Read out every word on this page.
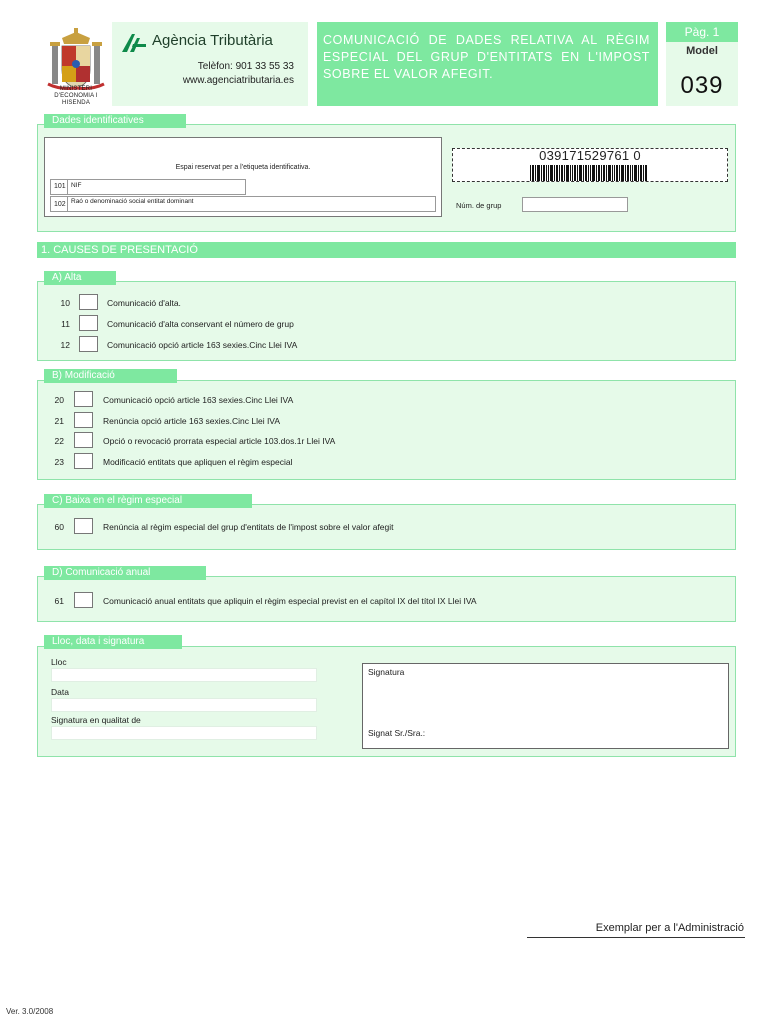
MINISTERI D'ECONOMIA I HISENDA
Agència Tributària
Telèfon: 901 33 55 33
www.agenciatributaria.es
COMUNICACIÓ DE DADES RELATIVA AL RÈGIM ESPECIAL DEL GRUP D'ENTITATS EN L'IMPOST SOBRE EL VALOR AFEGIT.
Pàg. 1
Model
039
Dades identificatives
Espai reservat per a l'etiqueta identificativa.
101 NIF
102 Raó o denominació social entitat dominant
039171529761 0
Núm. de grup
1. CAUSES DE PRESENTACIÓ
A) Alta
10	Comunicació d'alta.
11	Comunicació d'alta conservant el número de grup
12	Comunicació opció article 163 sexies.Cinc Llei IVA
B) Modificació
20	Comunicació opció article 163 sexies.Cinc Llei IVA
21	Renúncia opció article 163 sexies.Cinc Llei IVA
22	Opció o revocació prorrata especial article 103.dos.1r Llei IVA
23	Modificació entitats que apliquen el règim especial
C) Baixa en el règim especial
60	Renúncia al règim especial del grup d'entitats de l'impost sobre el valor afegit
D) Comunicació anual
61	Comunicació anual entitats que apliquin el règim especial previst en el capítol IX del títol IX Llei IVA
Lloc, data i signatura
Lloc
Data
Signatura en qualitat de
Signatura
Signat Sr./Sra.:
Exemplar per a l'Administració
Ver. 3.0/2008
